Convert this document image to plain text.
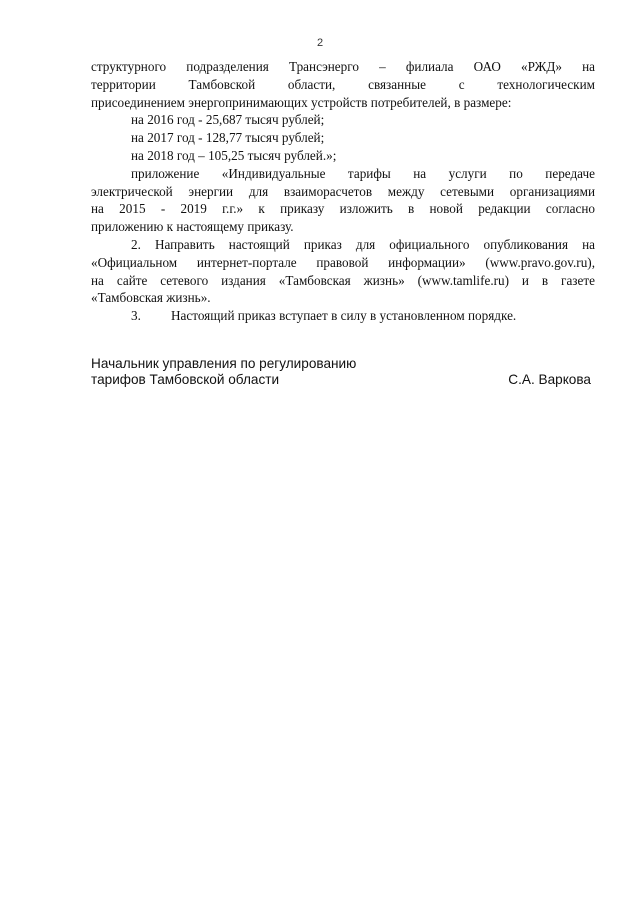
2

структурного подразделения Трансэнерго – филиала ОАО «РЖД» на

территории Тамбовской области, связанные с технологическим

присоединением энергопринимающих устройств потребителей, в размере:

на 2016 год - 25,687 тысяч рублей;

на 2017 год - 128,77 тысяч рублей;

на 2018 год – 105,25 тысяч рублей.»;

приложение «Индивидуальные тарифы на услуги по передаче

электрической энергии для взаиморасчетов между сетевыми организациями

на 2015 - 2019 г.г.» к приказу изложить в новой редакции согласно

приложению к настоящему приказу.

2. Направить настоящий приказ для официального опубликования на

«Официальном интернет-портале правовой информации» (www.pravo.gov.ru),

на сайте сетевого издания «Тамбовская жизнь» (www.tamlife.ru) и в газете

«Тамбовская жизнь».

3. Настоящий приказ вступает в силу в установленном порядке.

Начальник управления по регулированию
тарифов Тамбовской области	С.А. Варкова
